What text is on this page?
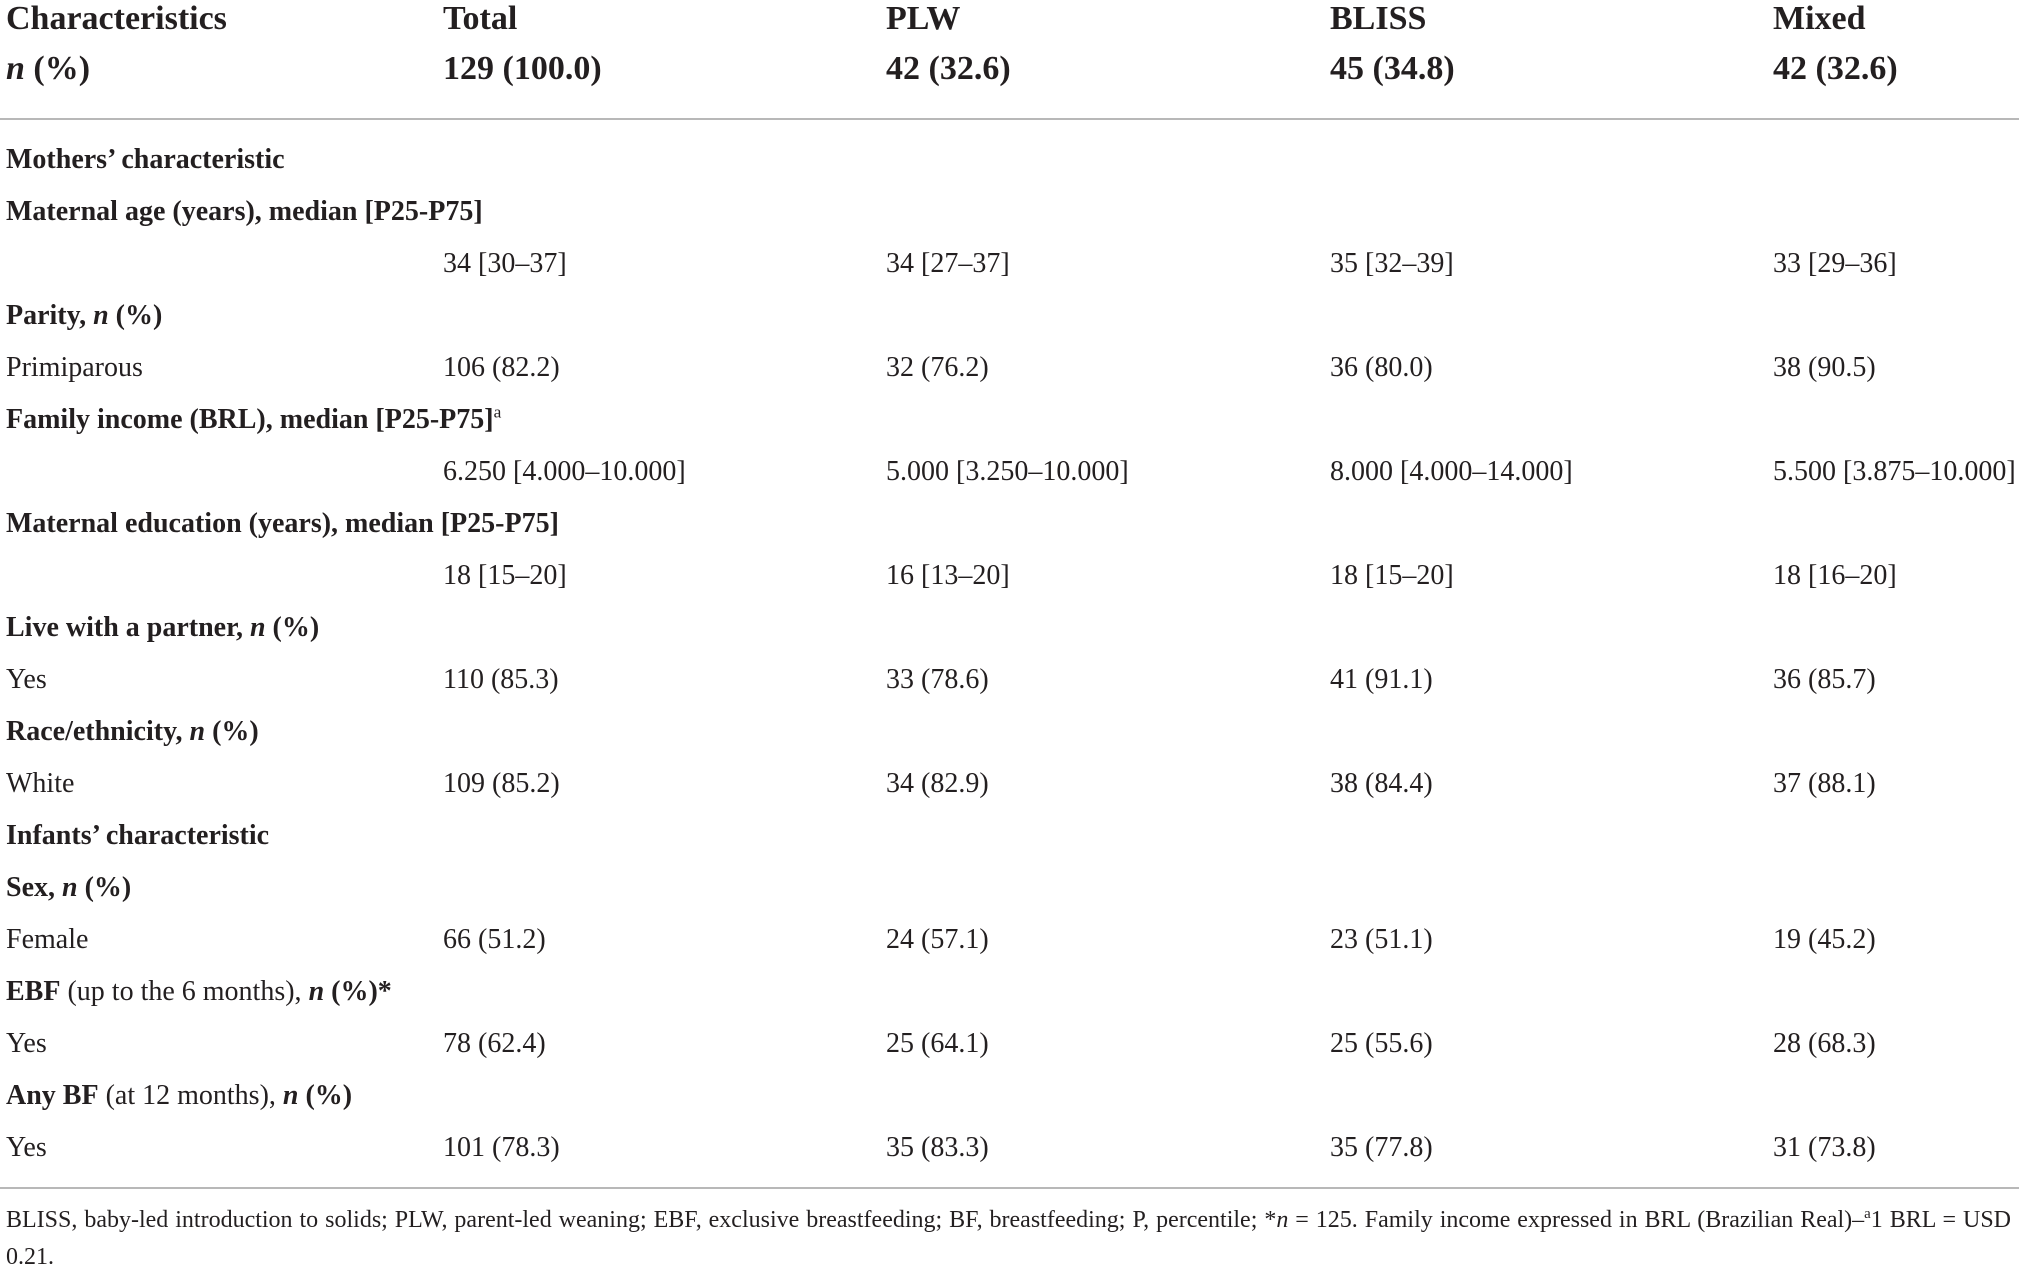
Characteristics	Total	PLW	BLISS	Mixed
n (%)	129 (100.0)	42 (32.6)	45 (34.8)	42 (32.6)
Mothers’ characteristic
Maternal age (years), median [P25-P75]
34 [30–37]	34 [27–37]	35 [32–39]	33 [29–36]
Parity, n (%)
Primiparous	106 (82.2)	32 (76.2)	36 (80.0)	38 (90.5)
Family income (BRL), median $[P25-P75]^a$
6.250 [4.000–10.000]	5.000 [3.250–10.000]	8.000 [4.000–14.000]	5.500 [3.875–10.000]
Maternal education (years), median [P25-P75]
18 [15–20]	16 [13–20]	18 [15–20]	18 [16–20]
Live with a partner, n (%)
Yes	110 (85.3)	33 (78.6)	41 (91.1)	36 (85.7)
Race/ethnicity, n (%)
White	109 (85.2)	34 (82.9)	38 (84.4)	37 (88.1)
Infants’ characteristic
Sex, n (%)
Female	66 (51.2)	24 (57.1)	23 (51.1)	19 (45.2)
EBF (up to the 6 months), n (%)*
Yes	78 (62.4)	25 (64.1)	25 (55.6)	28 (68.3)
Any BF (at 12 months), n (%)
Yes	101 (78.3)	35 (83.3)	35 (77.8)	31 (73.8)
BLISS, baby-led introduction to solids; PLW, parent-led weaning; EBF, exclusive breastfeeding; BF, breastfeeding; P, percentile; *n = 125. Family income expressed in BRL (Brazilian Real)–$^a$1 BRL = USD 0.21.
